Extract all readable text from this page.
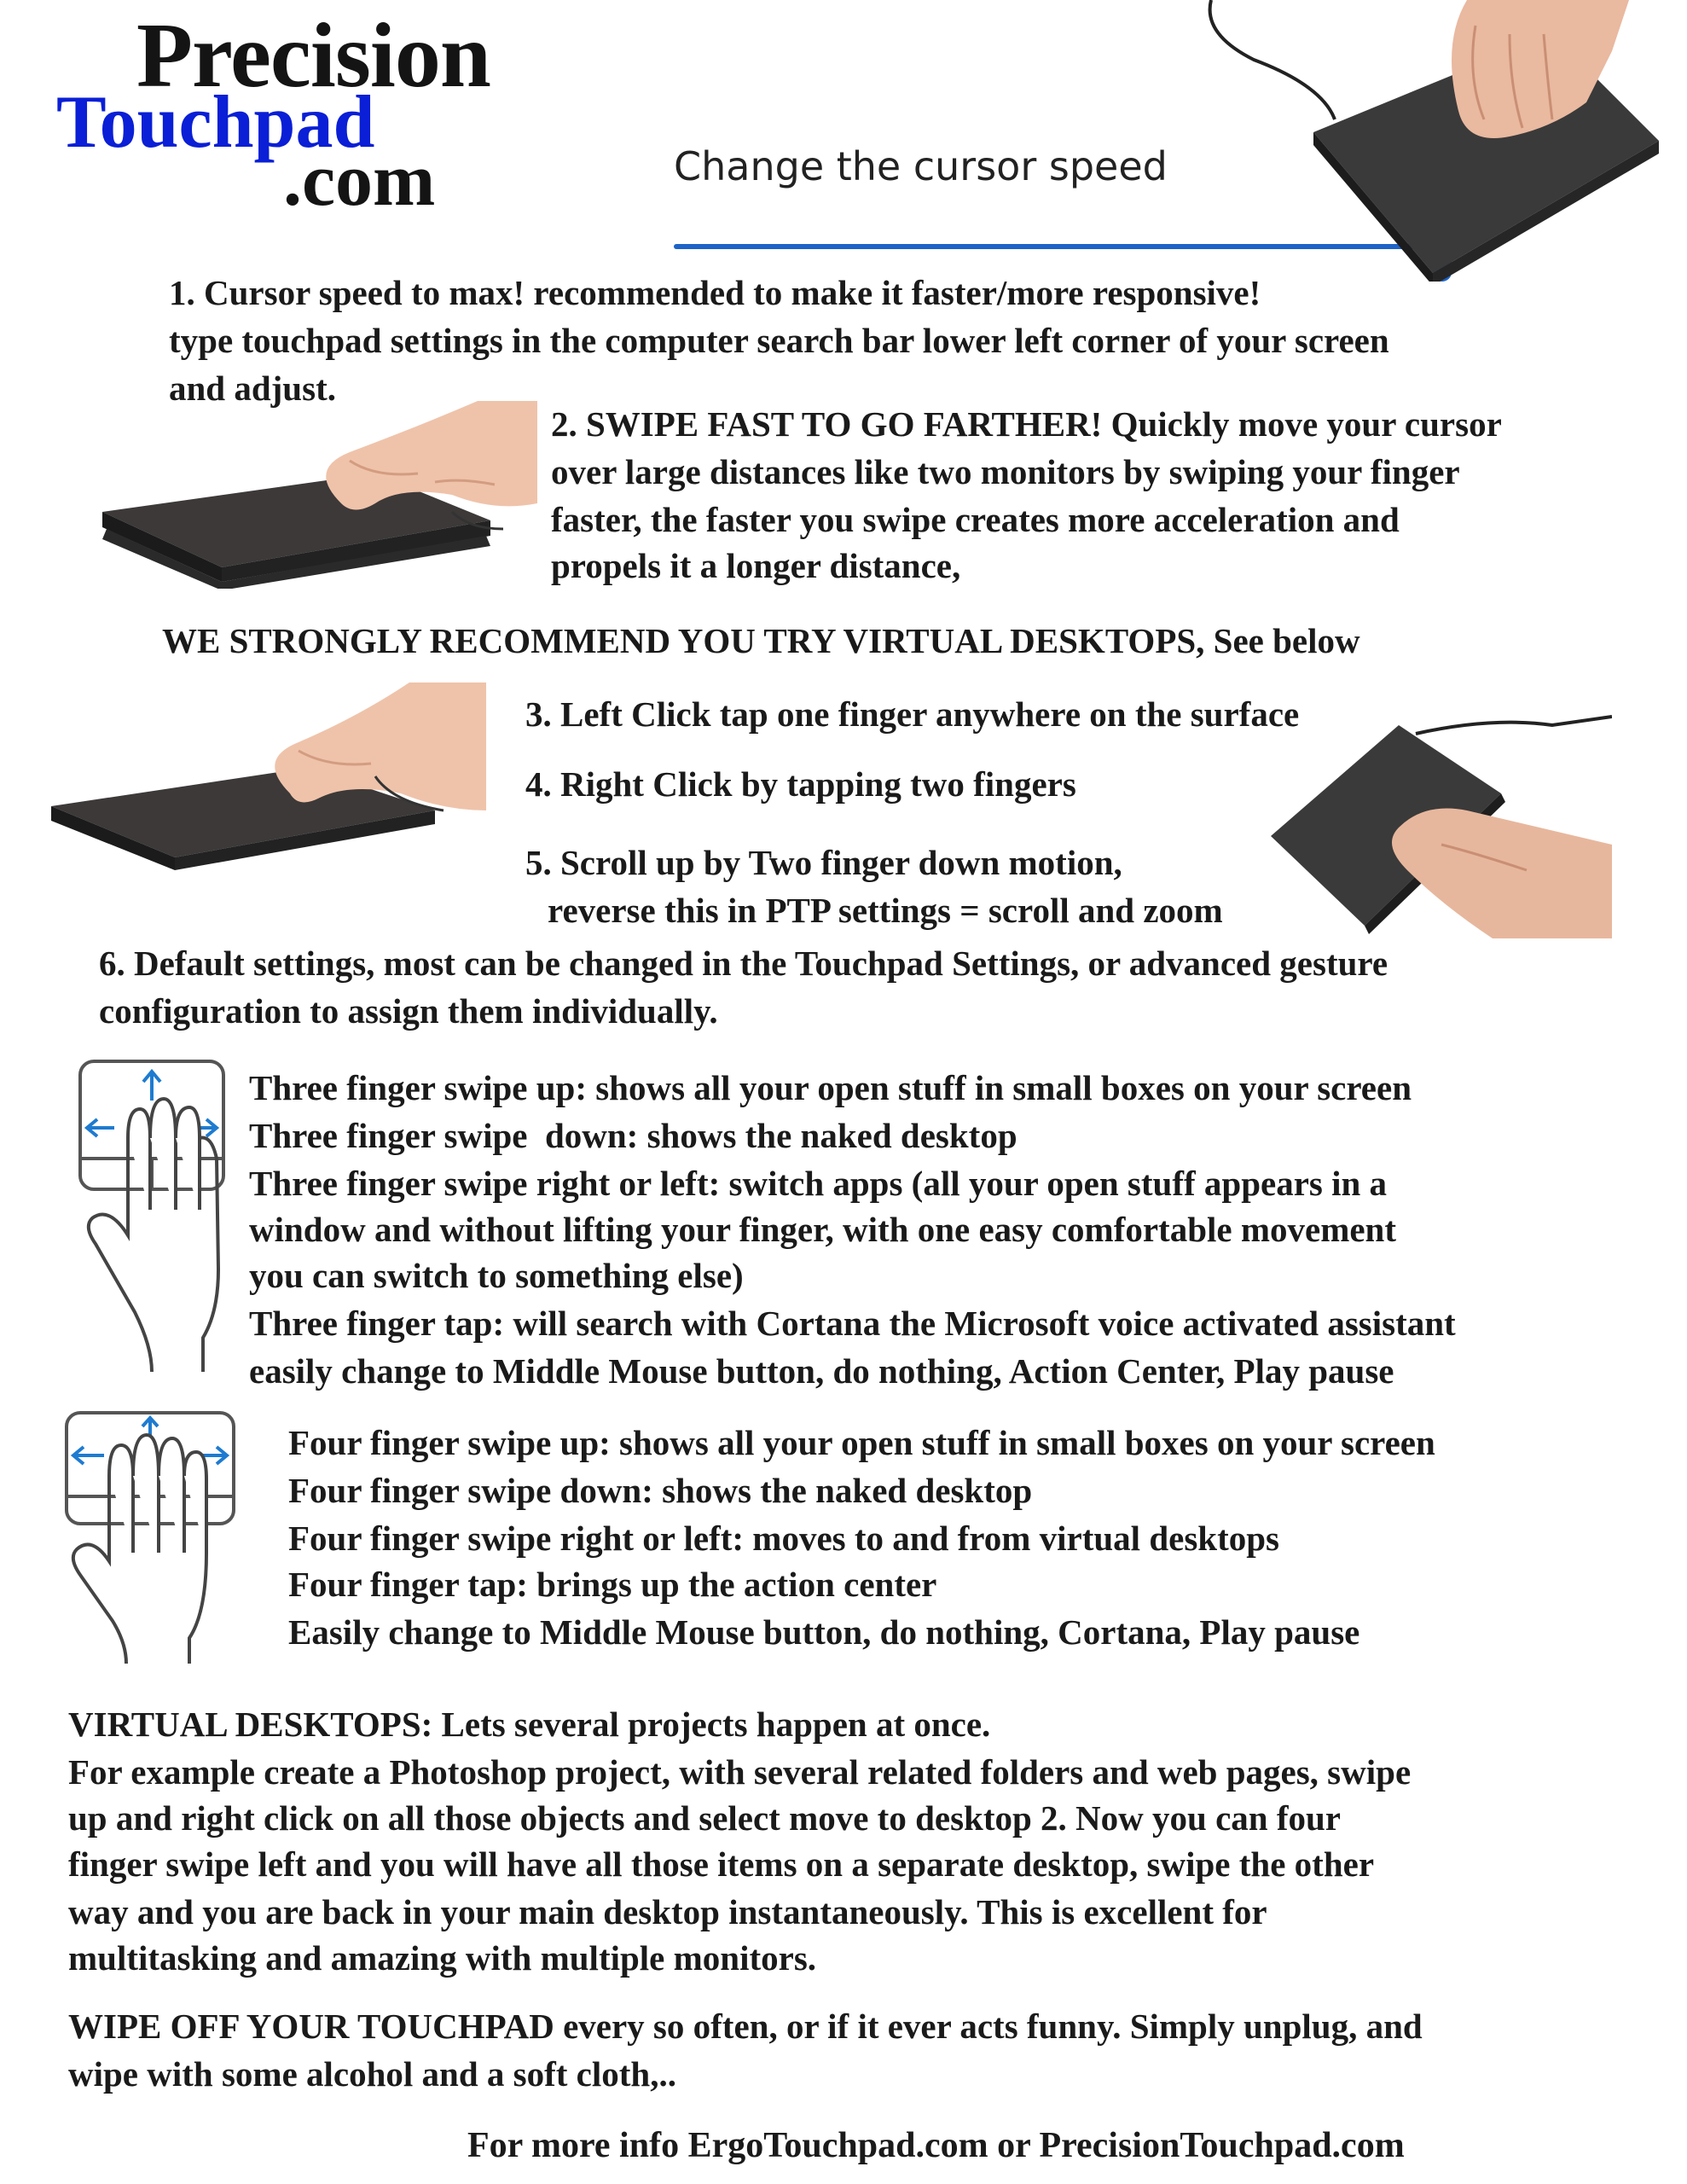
Precision
Touchpad
.com	Change the cursor speed
1. Cursor speed to max! recommended to make it faster/more responsive!
type touchpad settings in the computer search bar lower left corner of your screen
and adjust.
2. SWIPE FAST TO GO FARTHER! Quickly move your cursor
over large distances like two monitors by swiping your finger
faster, the faster you swipe creates more acceleration and
propels it a longer distance,
WE STRONGLY RECOMMEND YOU TRY VIRTUAL DESKTOPS, See below
3. Left Click tap one finger anywhere on the surface
4. Right Click by tapping two fingers
5. Scroll up by Two finger down motion,
reverse this in PTP settings = scroll and zoom
6. Default settings, most can be changed in the Touchpad Settings, or advanced gesture
configuration to assign them individually.
Three finger swipe up: shows all your open stuff in small boxes on your screen
Three finger swipe  down: shows the naked desktop
Three finger swipe right or left: switch apps (all your open stuff appears in a
window and without lifting your finger, with one easy comfortable movement
you can switch to something else)
Three finger tap: will search with Cortana the Microsoft voice activated assistant
easily change to Middle Mouse button, do nothing, Action Center, Play pause
Four finger swipe up: shows all your open stuff in small boxes on your screen
Four finger swipe down: shows the naked desktop
Four finger swipe right or left: moves to and from virtual desktops
Four finger tap: brings up the action center
Easily change to Middle Mouse button, do nothing, Cortana, Play pause
VIRTUAL DESKTOPS: Lets several projects happen at once.
For example create a Photoshop project, with several related folders and web pages, swipe
up and right click on all those objects and select move to desktop 2. Now you can four
finger swipe left and you will have all those items on a separate desktop, swipe the other
way and you are back in your main desktop instantaneously. This is excellent for
multitasking and amazing with multiple monitors.
WIPE OFF YOUR TOUCHPAD every so often, or if it ever acts funny. Simply unplug, and
wipe with some alcohol and a soft cloth,..
For more info ErgoTouchpad.com or PrecisionTouchpad.com
